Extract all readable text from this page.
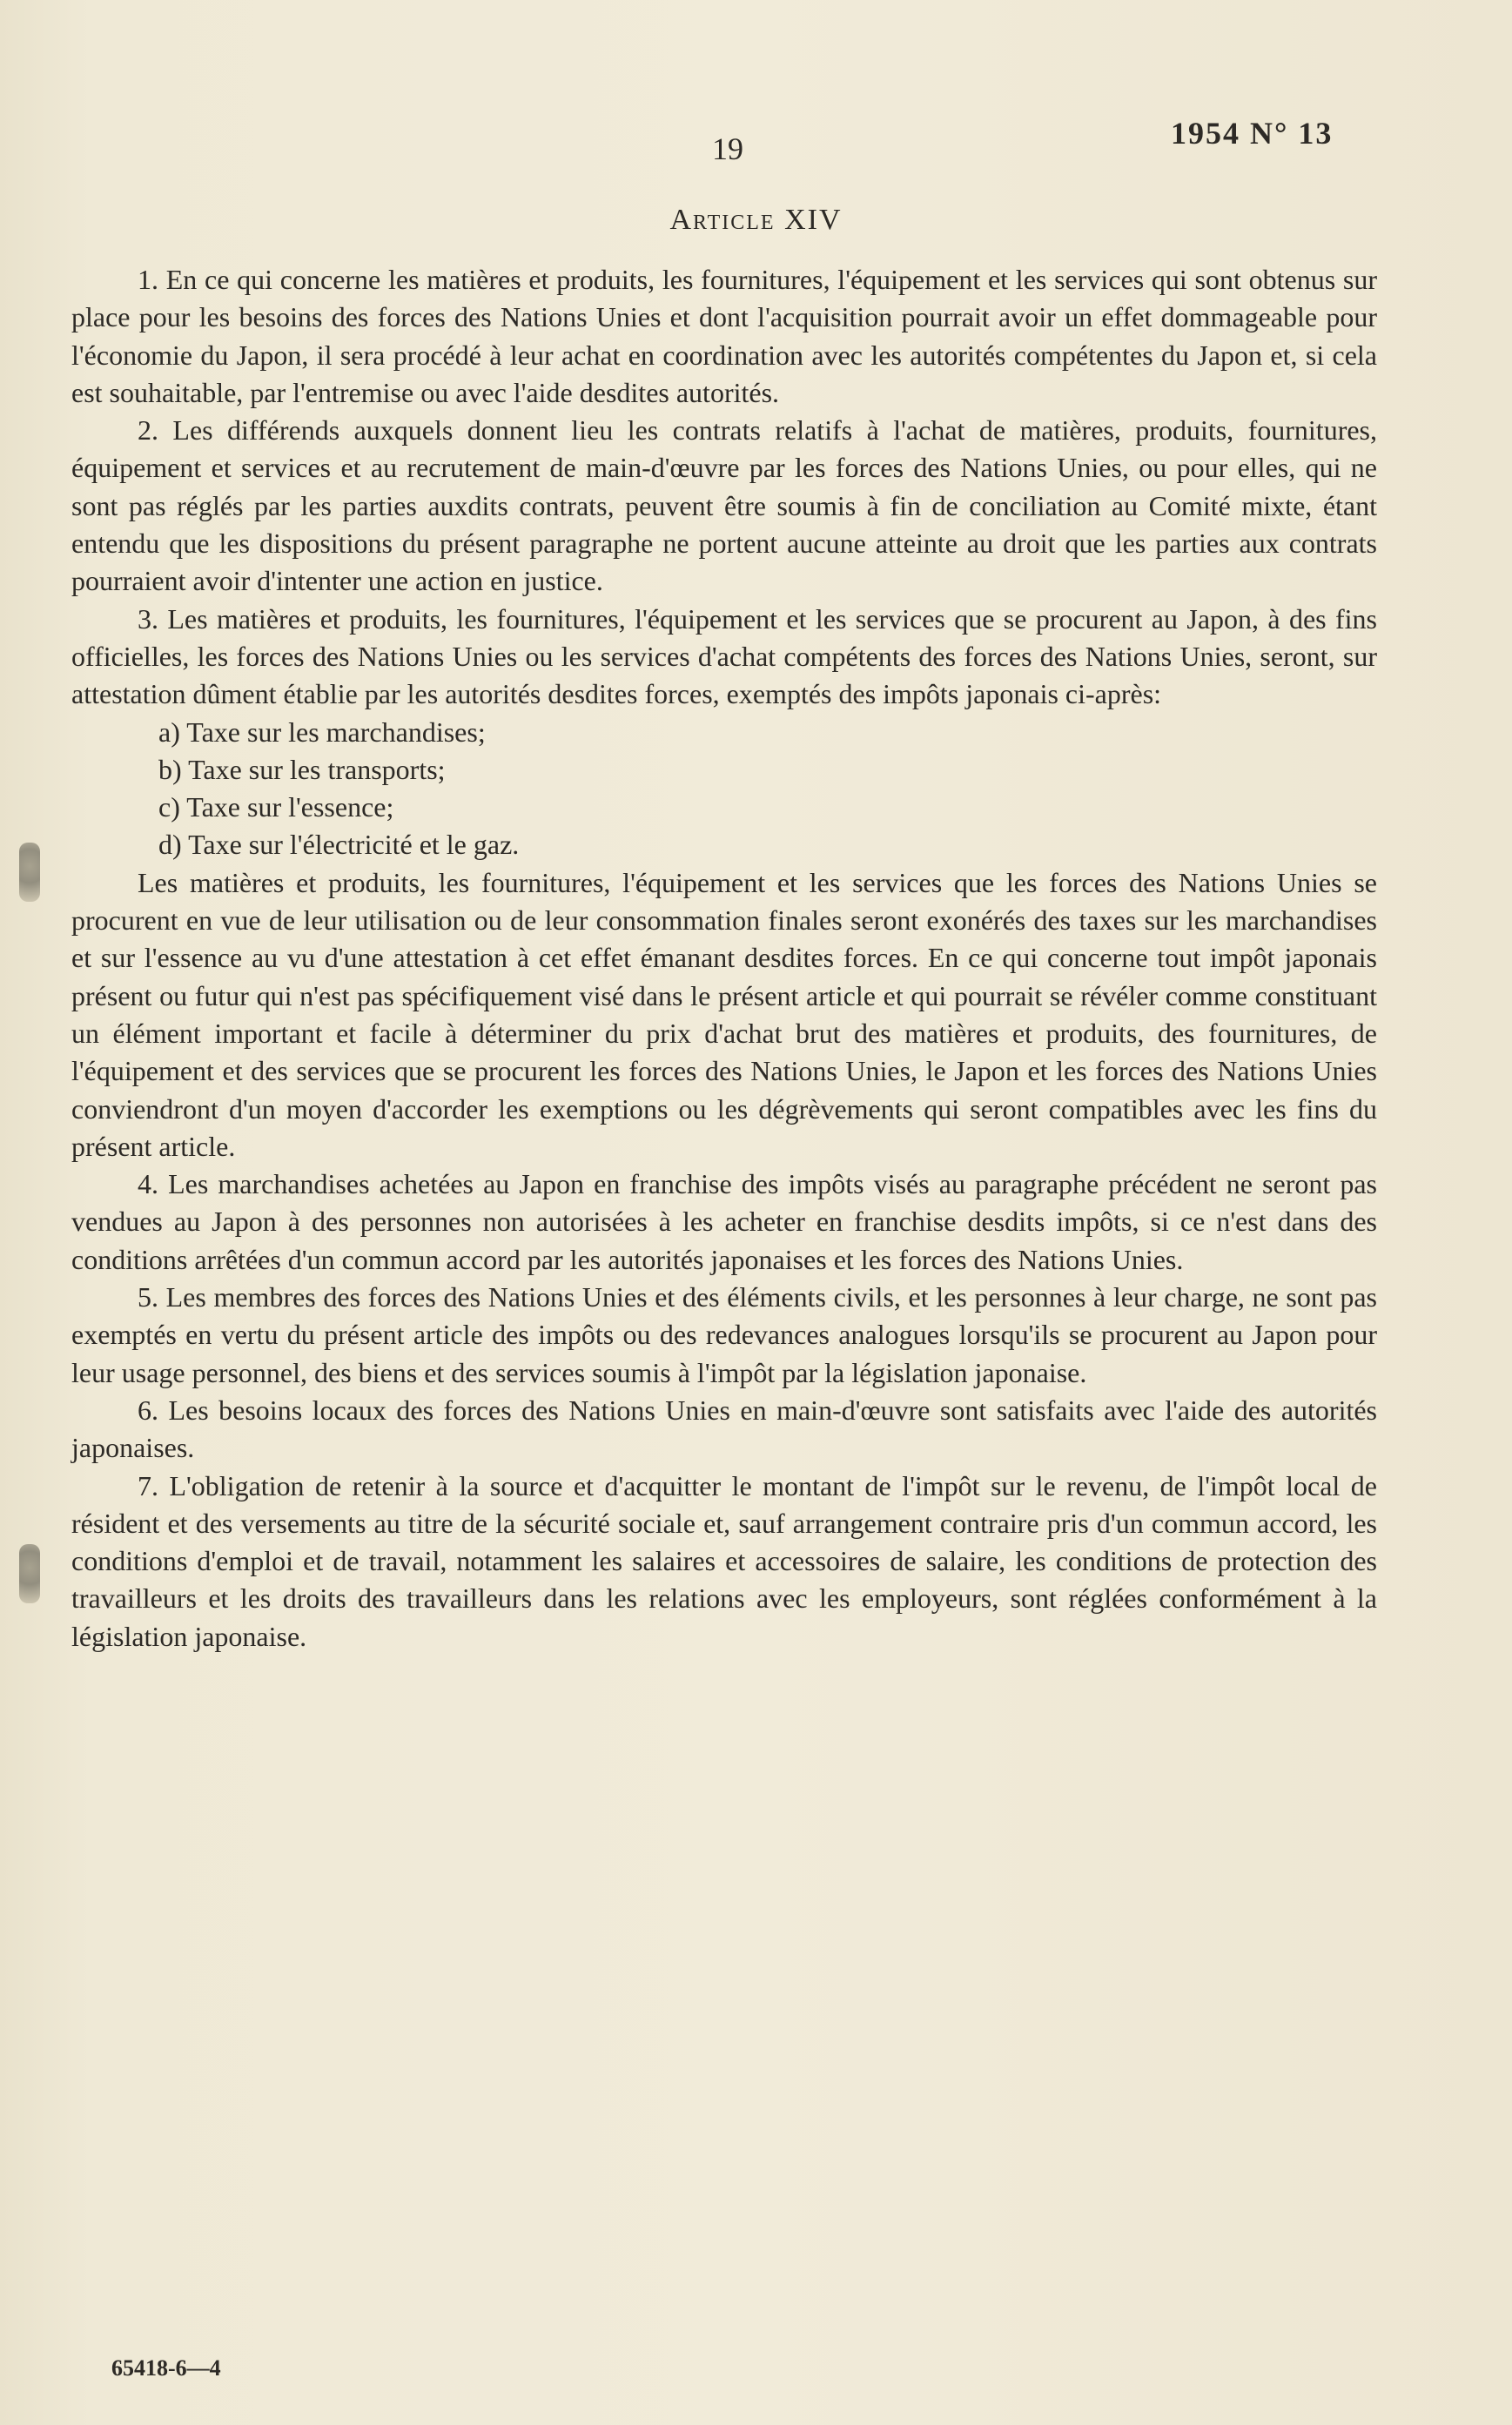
19	1954 N° 13
Article XIV

1. En ce qui concerne les matières et produits, les fournitures, l'équipement et les services qui sont obtenus sur place pour les besoins des forces des Nations Unies et dont l'acquisition pourrait avoir un effet dommageable pour l'économie du Japon, il sera procédé à leur achat en coordination avec les autorités compétentes du Japon et, si cela est souhaitable, par l'entremise ou avec l'aide desdites autorités.

2. Les différends auxquels donnent lieu les contrats relatifs à l'achat de matières, produits, fournitures, équipement et services et au recrutement de main-d'œuvre par les forces des Nations Unies, ou pour elles, qui ne sont pas réglés par les parties auxdits contrats, peuvent être soumis à fin de conciliation au Comité mixte, étant entendu que les dispositions du présent paragraphe ne portent aucune atteinte au droit que les parties aux contrats pourraient avoir d'intenter une action en justice.

3. Les matières et produits, les fournitures, l'équipement et les services que se procurent au Japon, à des fins officielles, les forces des Nations Unies ou les services d'achat compétents des forces des Nations Unies, seront, sur attestation dûment établie par les autorités desdites forces, exemptés des impôts japonais ci-après:

a) Taxe sur les marchandises;

b) Taxe sur les transports;

c) Taxe sur l'essence;

d) Taxe sur l'électricité et le gaz.

Les matières et produits, les fournitures, l'équipement et les services que les forces des Nations Unies se procurent en vue de leur utilisation ou de leur consommation finales seront exonérés des taxes sur les marchandises et sur l'essence au vu d'une attestation à cet effet émanant desdites forces. En ce qui concerne tout impôt japonais présent ou futur qui n'est pas spécifiquement visé dans le présent article et qui pourrait se révéler comme constituant un élément important et facile à déterminer du prix d'achat brut des matières et produits, des fournitures, de l'équipement et des services que se procurent les forces des Nations Unies, le Japon et les forces des Nations Unies conviendront d'un moyen d'accorder les exemptions ou les dégrèvements qui seront compatibles avec les fins du présent article.

4. Les marchandises achetées au Japon en franchise des impôts visés au paragraphe précédent ne seront pas vendues au Japon à des personnes non autorisées à les acheter en franchise desdits impôts, si ce n'est dans des conditions arrêtées d'un commun accord par les autorités japonaises et les forces des Nations Unies.

5. Les membres des forces des Nations Unies et des éléments civils, et les personnes à leur charge, ne sont pas exemptés en vertu du présent article des impôts ou des redevances analogues lorsqu'ils se procurent au Japon pour leur usage personnel, des biens et des services soumis à l'impôt par la législation japonaise.

6. Les besoins locaux des forces des Nations Unies en main-d'œuvre sont satisfaits avec l'aide des autorités japonaises.

7. L'obligation de retenir à la source et d'acquitter le montant de l'impôt sur le revenu, de l'impôt local de résident et des versements au titre de la sécurité sociale et, sauf arrangement contraire pris d'un commun accord, les conditions d'emploi et de travail, notamment les salaires et accessoires de salaire, les conditions de protection des travailleurs et les droits des travailleurs dans les relations avec les employeurs, sont réglées conformément à la législation japonaise.

65418-6—4
